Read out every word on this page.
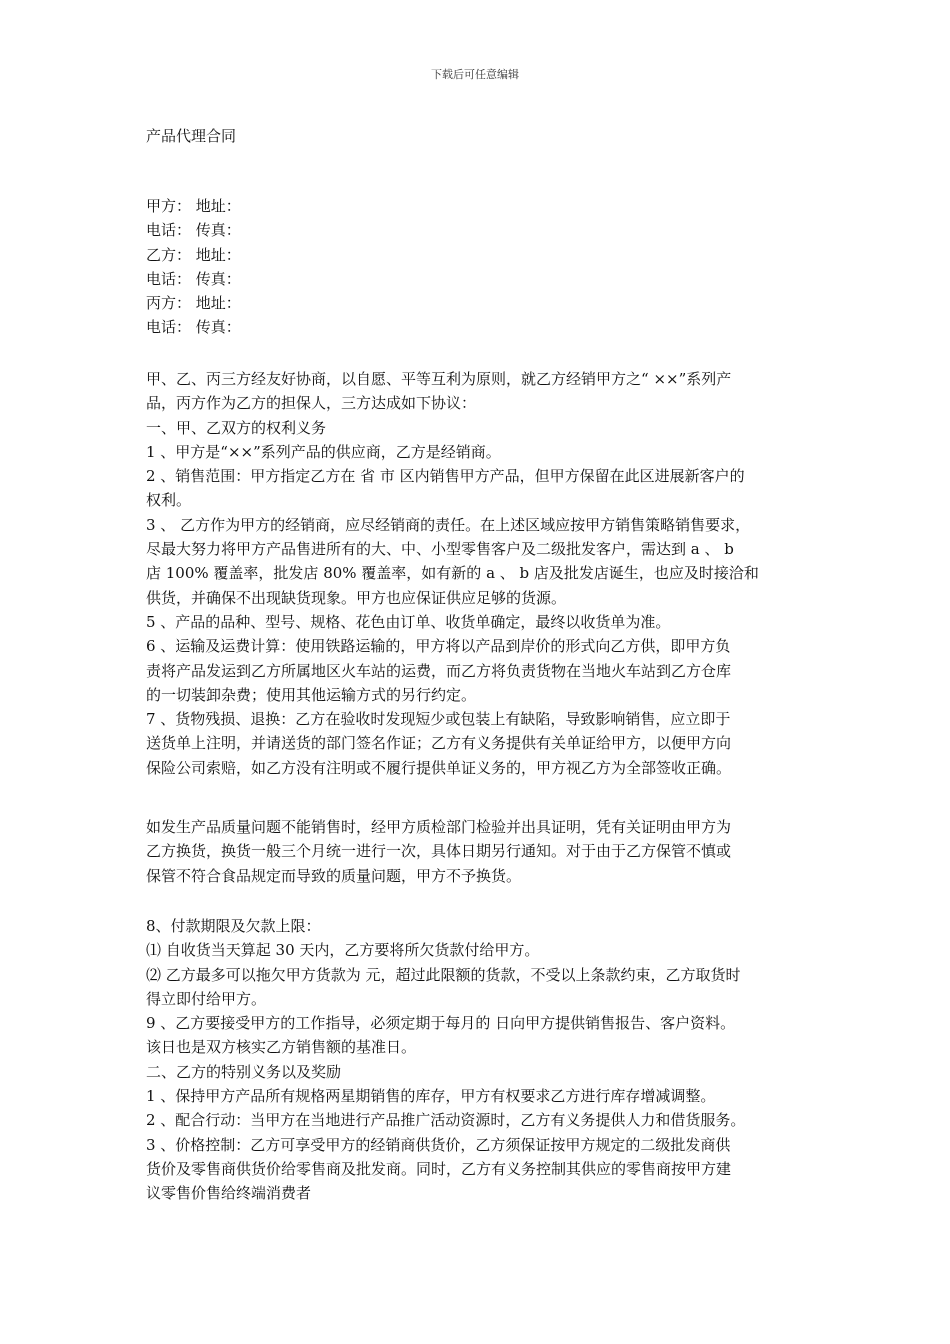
下载后可任意编辑
产品代理合同
甲方： 地址：
电话： 传真：
乙方： 地址：
电话： 传真：
丙方： 地址：
电话： 传真：
甲、乙、丙三方经友好协商，以自愿、平等互利为原则，就乙方经销甲方之“ ××”系列产
品，丙方作为乙方的担保人，三方达成如下协议：
一、甲、乙双方的权利义务
1 、甲方是“××”系列产品的供应商，乙方是经销商。
2 、销售范围：甲方指定乙方在 省 市 区内销售甲方产品，但甲方保留在此区进展新客户的
权利。
3 、 乙方作为甲方的经销商，应尽经销商的责任。在上述区域应按甲方销售策略销售要求，
尽最大努力将甲方产品售进所有的大、中、小型零售客户及二级批发客户，需达到 a 、 b
店 100% 覆盖率，批发店 80% 覆盖率，如有新的 a 、 b 店及批发店诞生，也应及时接洽和
供货，并确保不出现缺货现象。甲方也应保证供应足够的货源。
5 、产品的品种、型号、规格、花色由订单、收货单确定，最终以收货单为准。
6 、运输及运费计算：使用铁路运输的，甲方将以产品到岸价的形式向乙方供，即甲方负
责将产品发运到乙方所属地区火车站的运费，而乙方将负责货物在当地火车站到乙方仓库
的一切装卸杂费；使用其他运输方式的另行约定。
7 、货物残损、退换：乙方在验收时发现短少或包装上有缺陷，导致影响销售，应立即于
送货单上注明，并请送货的部门签名作证；乙方有义务提供有关单证给甲方，以便甲方向
保险公司索赔，如乙方没有注明或不履行提供单证义务的，甲方视乙方为全部签收正确。
如发生产品质量问题不能销售时，经甲方质检部门检验并出具证明，凭有关证明由甲方为
乙方换货，换货一般三个月统一进行一次，具体日期另行通知。对于由于乙方保管不慎或
保管不符合食品规定而导致的质量问题，甲方不予换货。
8、付款期限及欠款上限：
⑴ 自收货当天算起 30 天内，乙方要将所欠货款付给甲方。
⑵ 乙方最多可以拖欠甲方货款为 元，超过此限额的货款，不受以上条款约束，乙方取货时
得立即付给甲方。
9 、乙方要接受甲方的工作指导，必须定期于每月的 日向甲方提供销售报告、客户资料。
该日也是双方核实乙方销售额的基准日。
二、乙方的特别义务以及奖励
1 、保持甲方产品所有规格两星期销售的库存，甲方有权要求乙方进行库存增减调整。
2 、配合行动：当甲方在当地进行产品推广活动资源时，乙方有义务提供人力和借货服务。
3 、价格控制：乙方可享受甲方的经销商供货价，乙方须保证按甲方规定的二级批发商供
货价及零售商供货价给零售商及批发商。同时，乙方有义务控制其供应的零售商按甲方建
议零售价售给终端消费者
